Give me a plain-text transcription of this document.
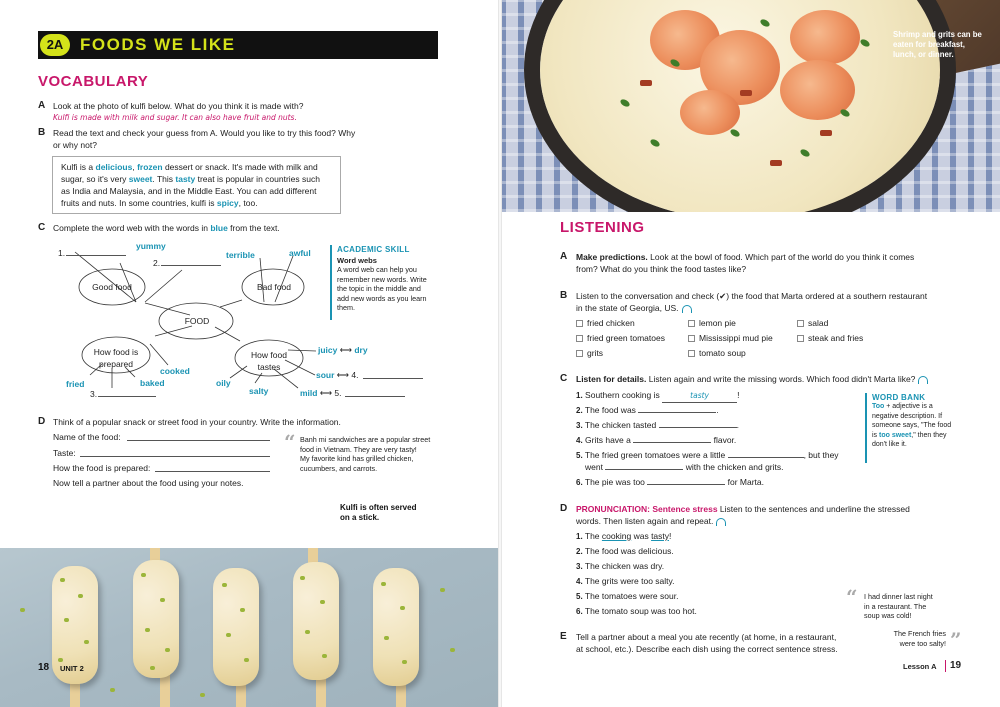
2A FOODS WE LIKE
VOCABULARY
A Look at the photo of kulfi below. What do you think it is made with?
Kulfi is made with milk and sugar. It can also have fruit and nuts.
B Read the text and check your guess from A. Would you like to try this food? Why
or why not?
Kulfi is a delicious, frozen dessert or snack. It's made with milk and
sugar, so it's very sweet. This tasty treat is popular in countries such
as India and Malaysia, and in the Middle East. You can add different
fruits and nuts. In some countries, kulfi is spicy, too.
C Complete the word web with the words in blue from the text.
Good food	Bad food
FOOD
How food is
prepared
How food
tastes
1.
yummy
2.
terrible	awful
cooked
fried	baked
3.
juicy ⟷ dry
sour ⟷ 4.
oily
salty	mild ⟷ 5.
ACADEMIC SKILL
Word webs
A word web can help you
remember new words. Write
the topic in the middle and
add new words as you learn
them.
D Think of a popular snack or street food in your country. Write the information.
Name of the food:
Taste:
How the food is prepared:
Now tell a partner about the food using your notes.
“ Banh mi sandwiches are a popular street
food in Vietnam. They are very tasty!
My favorite kind has grilled chicken,
cucumbers, and carrots.
Kulfi is often served
on a stick.
18 UNIT 2
Shrimp and grits can be eaten for breakfast, lunch, or dinner.
LISTENING
A Make predictions. Look at the bowl of food. Which part of the world do you think it comes
from? What do you think the food tastes like?
B Listen to the conversation and check (✔) the food that Marta ordered at a southern restaurant
in the state of Georgia, US.
fried chicken	lemon pie	salad
fried green tomatoes	Mississippi mud pie	steak and fries
grits	tomato soup
C Listen for details. Listen again and write the missing words. Which food didn't Marta like?
1. Southern cooking is	tasty	!
2. The food was	.
3. The chicken tasted	.
4. Grits have a	flavor.
5. The fried green tomatoes were a little	, but they
went	with the chicken and grits.
6. The pie was too	for Marta.
WORD BANK
Too + adjective is a
negative description. If
someone says, "The food
is too sweet," then they
don't like it.
D PRONUNCIATION: Sentence stress Listen to the sentences and underline the stressed
words. Then listen again and repeat.
1. The cooking was tasty!
2. The food was delicious.
3. The chicken was dry.
4. The grits were too salty.
5. The tomatoes were sour.
6. The tomato soup was too hot.
“ I had dinner last night
in a restaurant. The
soup was cold!
The French fries
were too salty! ”
E Tell a partner about a meal you ate recently (at home, in a restaurant,
at school, etc.). Describe each dish using the correct sentence stress.
Lesson A 19
